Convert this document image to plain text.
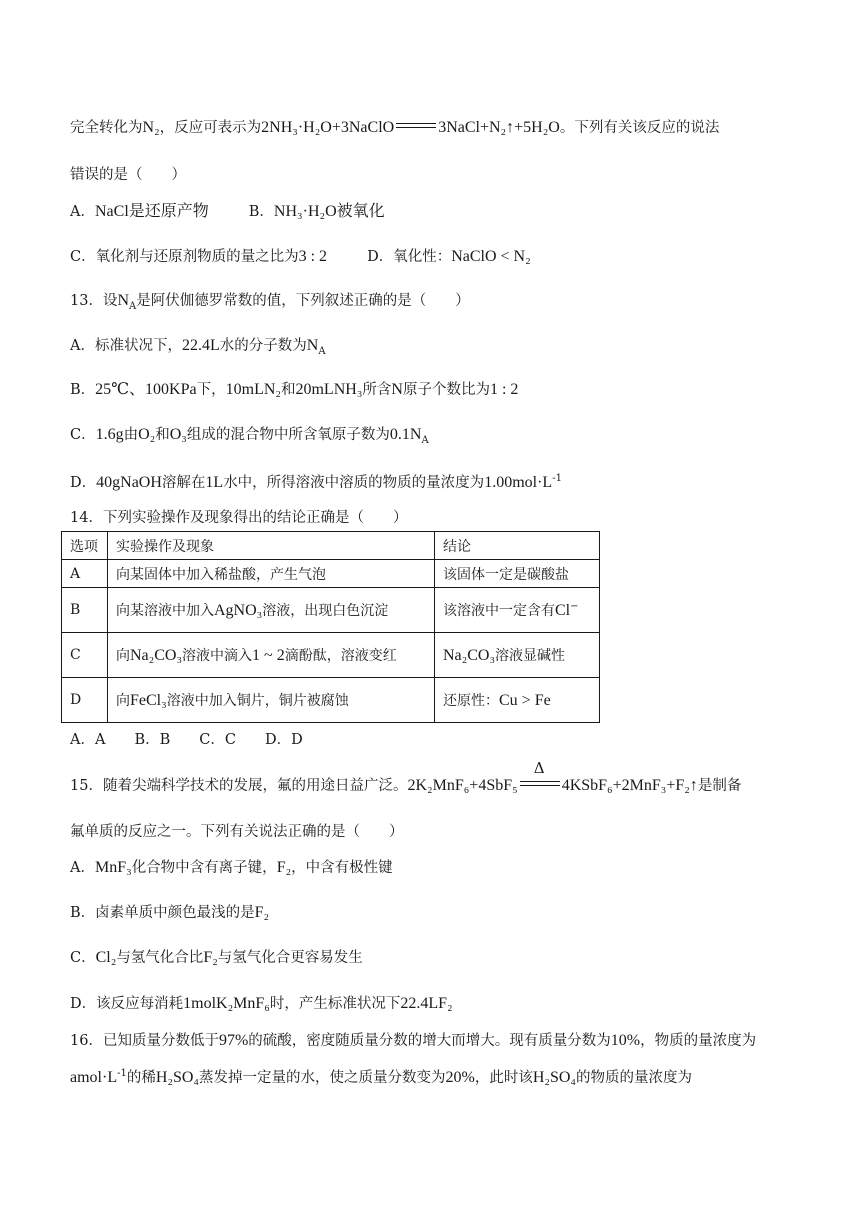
完全转化为N₂，反应可表示为2NH₃·H₂O+3NaClO	3NaCl+N₂↑+5H₂O。下列有关该反应的说法
错误的是（　　）
A．NaCl是还原产物	B．NH₃·H₂O被氧化
C．氧化剂与还原剂物质的量之比为3 : 2	D．氧化性：NaClO < N₂
13．设$N_A$是阿伏伽德罗常数的值，下列叙述正确的是（　　）
A．标准状况下，22.4L水的分子数为$N_A$
B．25℃、100KPa下，10mLN₂和20mLNH₃所含N原子个数比为1 : 2
C．1.6g由O₂和O₃组成的混合物中所含氧原子数为$0.1N_A$
D．40gNaOH溶解在1L水中，所得溶液中溶质的物质的量浓度为$1.00mol\cdot L^{-1}$
14．下列实验操作及现象得出的结论正确是（　　）
选项	实验操作及现象	结论
A	向某固体中加入稀盐酸，产生气泡	该固体一定是碳酸盐
B	向某溶液中加入AgNO₃溶液，出现白色沉淀	该溶液中一定含有Cl−
C	向Na₂CO₃溶液中滴入1 ~ 2滴酚酞，溶液变红	Na₂CO₃溶液显碱性
D	向FeCl₃溶液中加入铜片，铜片被腐蚀	还原性：Cu > Fe
A．A　　B．B　　C．C　　D．D
15．随着尖端科学技术的发展，氟的用途日益广泛。2K₂MnF₆+4SbF₅
Δ
4KSbF₆+2MnF₃+F₂↑是制备
氟单质的反应之一。下列有关说法正确的是（　　）
A．MnF₃化合物中含有离子键，F₂，中含有极性键
B．卤素单质中颜色最浅的是F₂
C．Cl₂与氢气化合比F₂与氢气化合更容易发生
D．该反应每消耗1molK₂MnF₆时，产生标准状况下22.4LF₂
16．已知质量分数低于97%的硫酸，密度随质量分数的增大而增大。现有质量分数为10%，物质的量浓度为
$amol\cdot L^{-1}$的稀H₂SO₄蒸发掉一定量的水，使之质量分数变为20%，此时该H₂SO₄的物质的量浓度为
